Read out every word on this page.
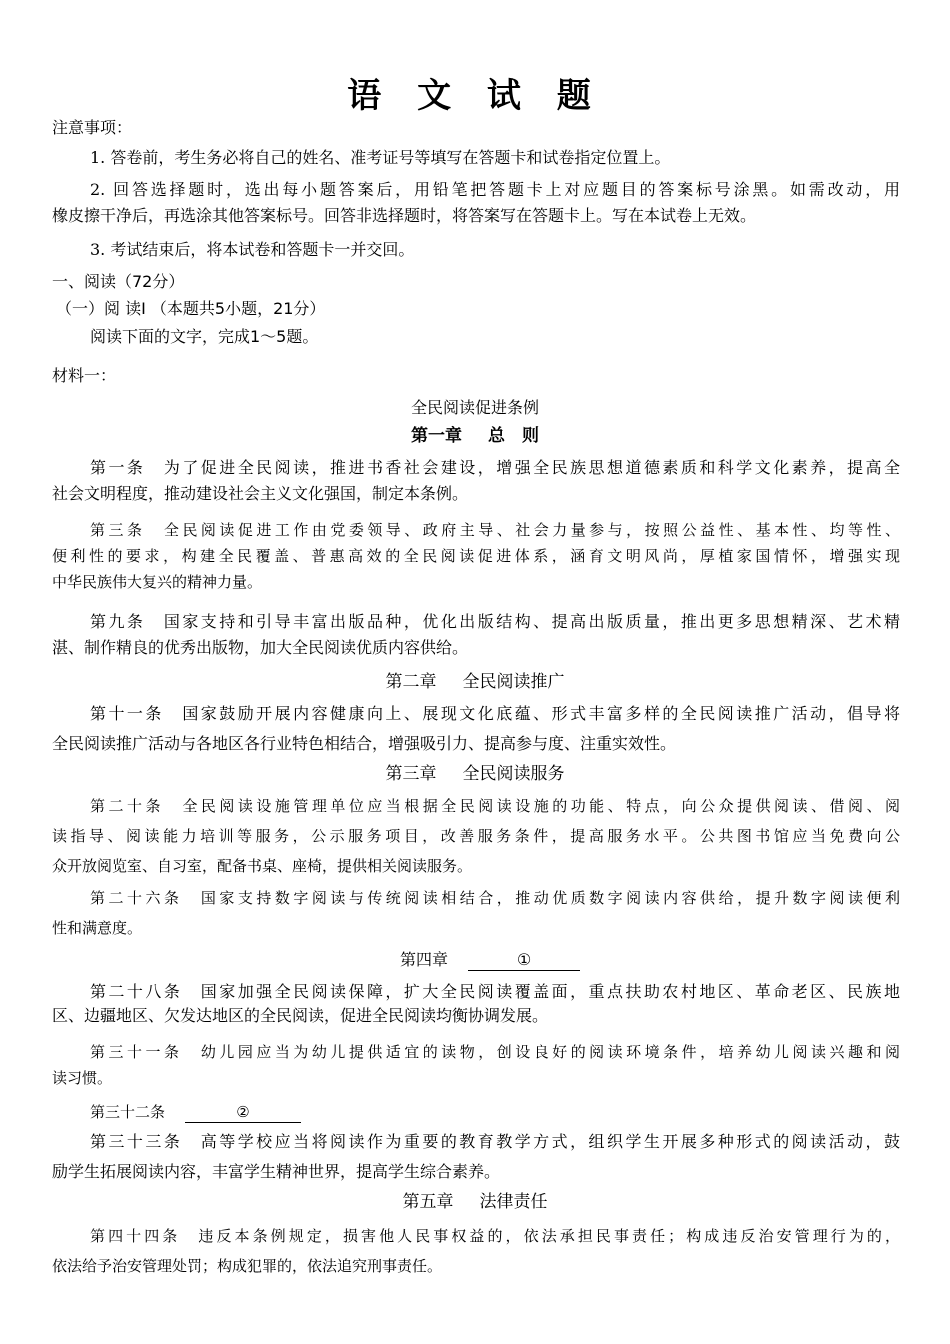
语 文 试 题
注意事项：
1. 答卷前，考生务必将自己的姓名、准考证号等填写在答题卡和试卷指定位置上。
2. 回答选择题时，选出每小题答案后，用铅笔把答题卡上对应题目的答案标号涂黑。如需改动，用
橡皮擦干净后，再选涂其他答案标号。回答非选择题时，将答案写在答题卡上。写在本试卷上无效。
3. 考试结束后，将本试卷和答题卡一并交回。
一、阅读（72分）
（一）阅 读I （本题共5小题，21分）
阅读下面的文字，完成1～5题。
材料一：
全民阅读促进条例
第一章 总　则
第一条　为了促进全民阅读，推进书香社会建设，增强全民族思想道德素质和科学文化素养，提高全
社会文明程度，推动建设社会主义文化强国，制定本条例。
第三条　全民阅读促进工作由党委领导、政府主导、社会力量参与，按照公益性、基本性、均等性、
便利性的要求，构建全民覆盖、普惠高效的全民阅读促进体系，涵育文明风尚，厚植家国情怀，增强实现
中华民族伟大复兴的精神力量。
第九条　国家支持和引导丰富出版品种，优化出版结构、提高出版质量，推出更多思想精深、艺术精
湛、制作精良的优秀出版物，加大全民阅读优质内容供给。
第二章 全民阅读推广
第十一条　国家鼓励开展内容健康向上、展现文化底蕴、形式丰富多样的全民阅读推广活动，倡导将
全民阅读推广活动与各地区各行业特色相结合，增强吸引力、提高参与度、注重实效性。
第三章 全民阅读服务
第二十条　全民阅读设施管理单位应当根据全民阅读设施的功能、特点，向公众提供阅读、借阅、阅
读指导、阅读能力培训等服务，公示服务项目，改善服务条件，提高服务水平。公共图书馆应当免费向公
众开放阅览室、自习室，配备书桌、座椅，提供相关阅读服务。
第二十六条　国家支持数字阅读与传统阅读相结合，推动优质数字阅读内容供给，提升数字阅读便利
性和满意度。
第四章	①
第二十八条　国家加强全民阅读保障，扩大全民阅读覆盖面，重点扶助农村地区、革命老区、民族地
区、边疆地区、欠发达地区的全民阅读，促进全民阅读均衡协调发展。
第三十一条　幼儿园应当为幼儿提供适宜的读物，创设良好的阅读环境条件，培养幼儿阅读兴趣和阅
读习惯。
第三十二条	②
第三十三条　高等学校应当将阅读作为重要的教育教学方式，组织学生开展多种形式的阅读活动，鼓
励学生拓展阅读内容，丰富学生精神世界，提高学生综合素养。
第五章 法律责任
第四十四条　违反本条例规定，损害他人民事权益的，依法承担民事责任；构成违反治安管理行为的，
依法给予治安管理处罚；构成犯罪的，依法追究刑事责任。
